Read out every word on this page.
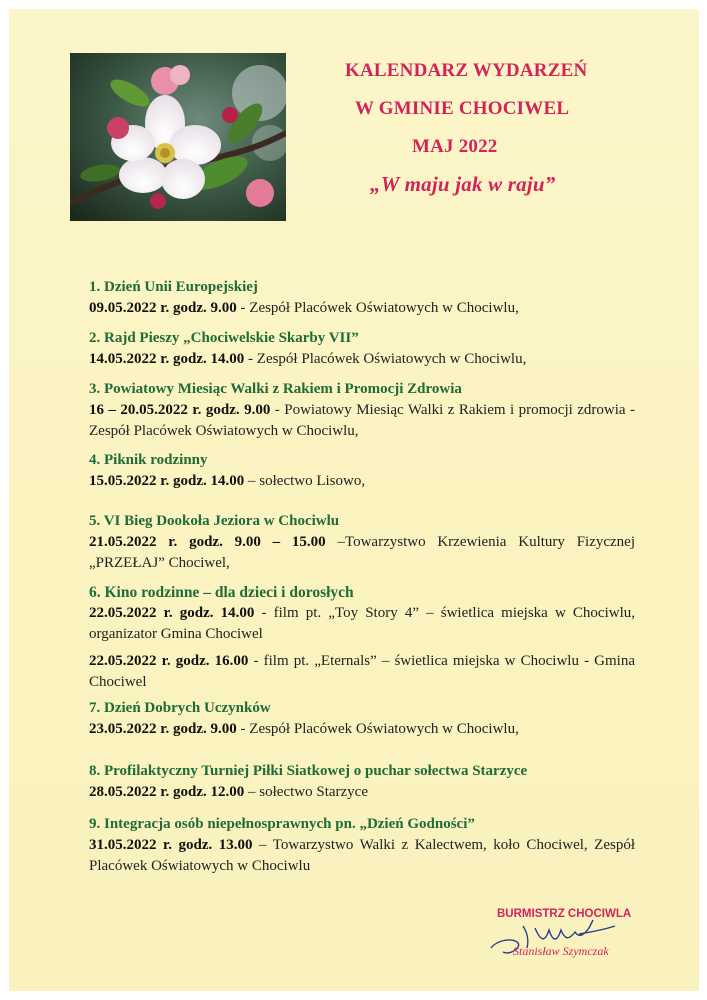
KALENDARZ WYDARZEŃ
W GMINIE CHOCIWEL
MAJ 2022
„W maju jak w raju”
1. Dzień Unii Europejskiej
09.05.2022 r. godz. 9.00 - Zespół Placówek Oświatowych w Chociwlu,
2. Rajd Pieszy „Chociwelskie Skarby VII”
14.05.2022 r. godz. 14.00 - Zespół Placówek Oświatowych w Chociwlu,
3. Powiatowy Miesiąc Walki z Rakiem i Promocji Zdrowia
16 – 20.05.2022 r. godz. 9.00 - Powiatowy Miesiąc Walki z Rakiem i promocji zdrowia - Zespół Placówek Oświatowych w Chociwlu,
4. Piknik rodzinny
15.05.2022 r. godz. 14.00 – sołectwo Lisowo,
5. VI Bieg Dookoła Jeziora w Chociwlu
21.05.2022 r. godz. 9.00 – 15.00 –Towarzystwo Krzewienia Kultury Fizycznej „PRZEŁAJ” Chociwel,
6. Kino rodzinne – dla dzieci i dorosłych
22.05.2022 r. godz. 14.00 - film pt. „Toy Story 4” – świetlica miejska w Chociwlu, organizator Gmina Chociwel
22.05.2022 r. godz. 16.00 - film pt. „Eternals” – świetlica miejska w Chociwlu - Gmina Chociwel
7. Dzień Dobrych Uczynków
23.05.2022 r. godz. 9.00 - Zespół Placówek Oświatowych w Chociwlu,
8. Profilaktyczny Turniej Piłki Siatkowej o puchar sołectwa Starzyce
28.05.2022 r. godz. 12.00 – sołectwo Starzyce
9. Integracja osób niepełnosprawnych pn. „Dzień Godności”
31.05.2022 r. godz. 13.00 – Towarzystwo Walki z Kalectwem, koło Chociwel, Zespół Placówek Oświatowych w Chociwlu
BURMISTRZ CHOCIWLA
Stanisław Szymczak
